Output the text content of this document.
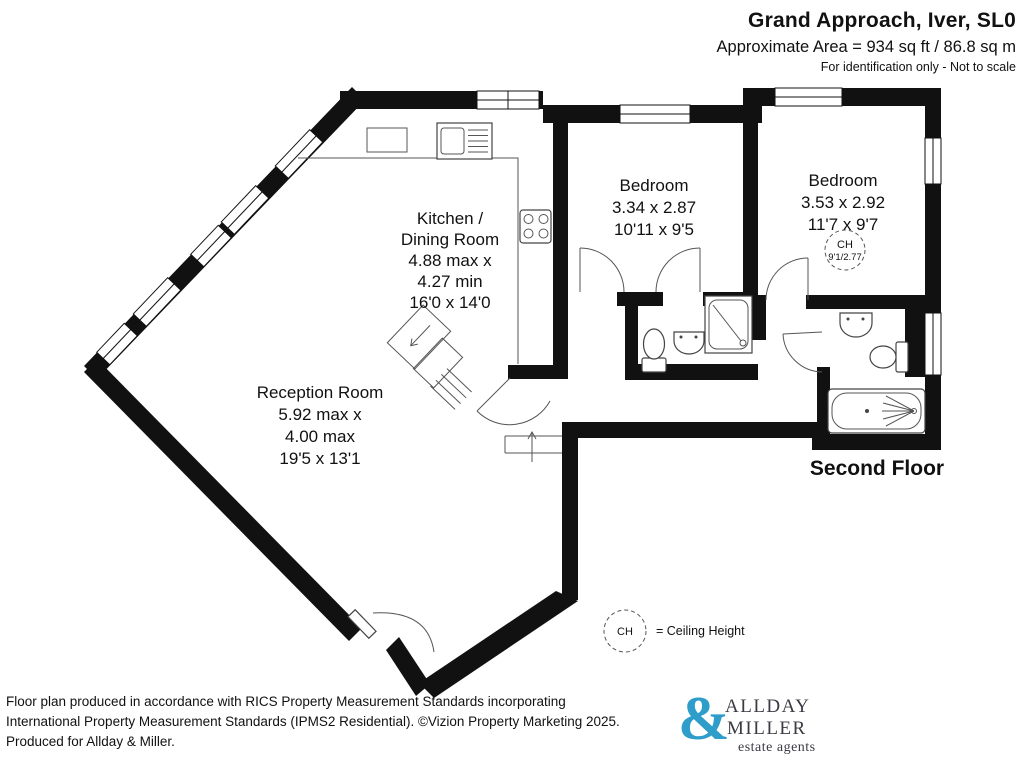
Grand Approach, Iver, SL0
Approximate Area = 934 sq ft / 86.8 sq m
For identification only - Not to scale
Kitchen /
Dining Room
4.88 max x
4.27 min
16'0 x 14'0
Reception Room
5.92 max x
4.00 max
19'5 x 13'1
Bedroom
3.34 x 2.87
10'11 x 9'5
Bedroom
3.53 x 2.92
11'7 x 9'7
CH
9'1/2.77
Second Floor
CH = Ceiling Height
Floor plan produced in accordance with RICS Property Measurement Standards incorporating
International Property Measurement Standards (IPMS2 Residential). ©Vizion Property Marketing 2025.
Produced for Allday & Miller.	&
ALLDAY
MILLER
estate agents
